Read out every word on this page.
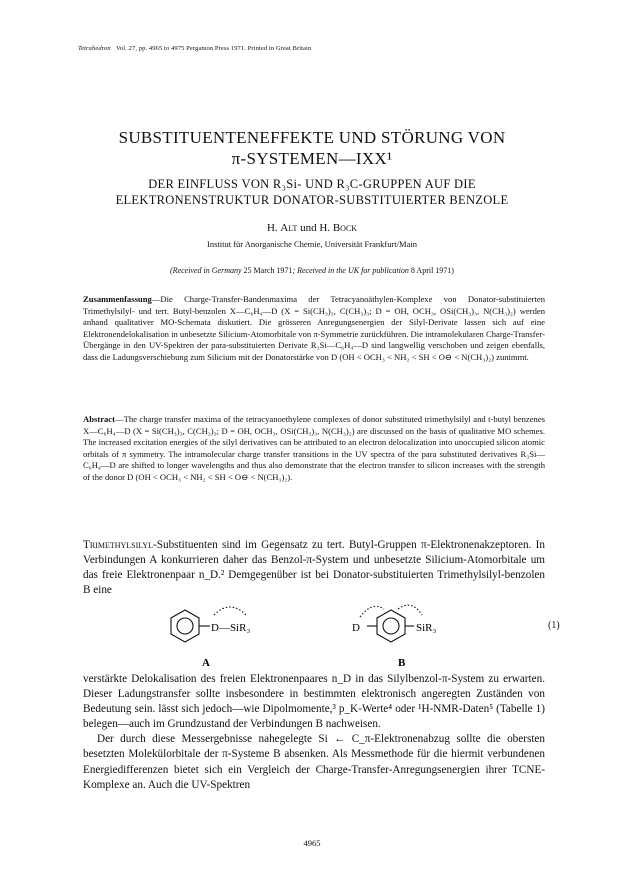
Tetrahedron Vol. 27, pp. 4965 to 4975 Pergamon Press 1971. Printed in Great Britain
SUBSTITUENTENEFFEKTE UND STÖRUNG VON
π-SYSTEMEN—IXX¹
DER EINFLUSS VON R₃Si- UND R₃C-GRUPPEN AUF DIE
ELEKTRONENSTRUKTUR DONATOR-SUBSTITUIERTER BENZOLE
H. Alt und H. Bock
Institut für Anorganische Chemie, Universität Frankfurt/Main
(Received in Germany 25 March 1971; Received in the UK for publication 8 April 1971)

Zusammenfassung—Die Charge-Transfer-Bandenmaxima der Tetracyanoäthylen-Komplexe von Donator-substituierten Trimethylsilyl- und tert. Butyl-benzolen X—C₆H₄—D (X = Si(CH₃)₃, C(CH₃)₃; D = OH, OCH₃, OSi(CH₃)₃, N(CH₃)₂) werden anhand qualitativer MO-Schemata diskutiert. Die grösseren Anregungsenergien der Silyl-Derivate lassen sich auf eine Elektronendelokalisation in unbesetzte Silicium-Atomorbitale von π-Symmetrie zurückführen. Die intramolekularen Charge-Transfer-Übergänge in den UV-Spektren der para-substituierten Derivate R₃Si—C₆H₄—D sind langwellig verschoben und zeigen ebenfalls, dass die Ladungsverschiebung zum Silicium mit der Donatorstärke von D (OH < OCH₃ < NH₂ < SH < O⊖ < N(CH₃)₂) zunimmt.

Abstract—The charge transfer maxima of the tetracyanoethylene complexes of donor substituted trimethylsilyl and t-butyl benzenes X—C₆H₄—D (X = Si(CH₃)₃, C(CH₃)₃; D = OH, OCH₃, OSi(CH₃)₃, N(CH₃)₂) are discussed on the basis of qualitative MO schemes. The increased excitation energies of the silyl derivatives can be attributed to an electron delocalization into unoccupied silicon atomic orbitals of π symmetry. The intramolecular charge transfer transitions in the UV spectra of the para substituted derivatives R₃Si—C₆H₄—D are shifted to longer wavelengths and thus also demonstrate that the electron transfer to silicon increases with the strength of the donor D (OH < OCH₃ < NH₂ < SH < O⊖ < N(CH₃)₂).

Trimethylsilyl-Substituenten sind im Gegensatz zu tert. Butyl-Gruppen π-Elektronenakzeptoren. In Verbindungen A konkurrieren daher das Benzol-π-System und unbesetzte Silicium-Atomorbitale um das freie Elektronenpaar n_D.² Demgegenüber ist bei Donator-substituierten Trimethylsilyl-benzolen B eine

D—SiR₃	D	SiR₃
A	B
(1)

verstärkte Delokalisation des freien Elektronenpaares n_D in das Silylbenzol-π-System zu erwarten. Dieser Ladungstransfer sollte insbesondere in bestimmten elektronisch angeregten Zuständen von Bedeutung sein. lässt sich jedoch—wie Dipolmomente,³ p_K-Werte⁴ oder ¹H-NMR-Daten⁵ (Tabelle 1) belegen—auch im Grundzustand der Verbindungen B nachweisen.

Der durch diese Messergebnisse nahegelegte Si ← C_π-Elektronenabzug sollte die obersten besetzten Molekülorbitale der π-Systeme B absenken. Als Messmethode für die hiermit verbundenen Energiedifferenzen bietet sich ein Vergleich der Charge-Transfer-Anregungsenergien ihrer TCNE-Komplexe an. Auch die UV-Spektren

4965
